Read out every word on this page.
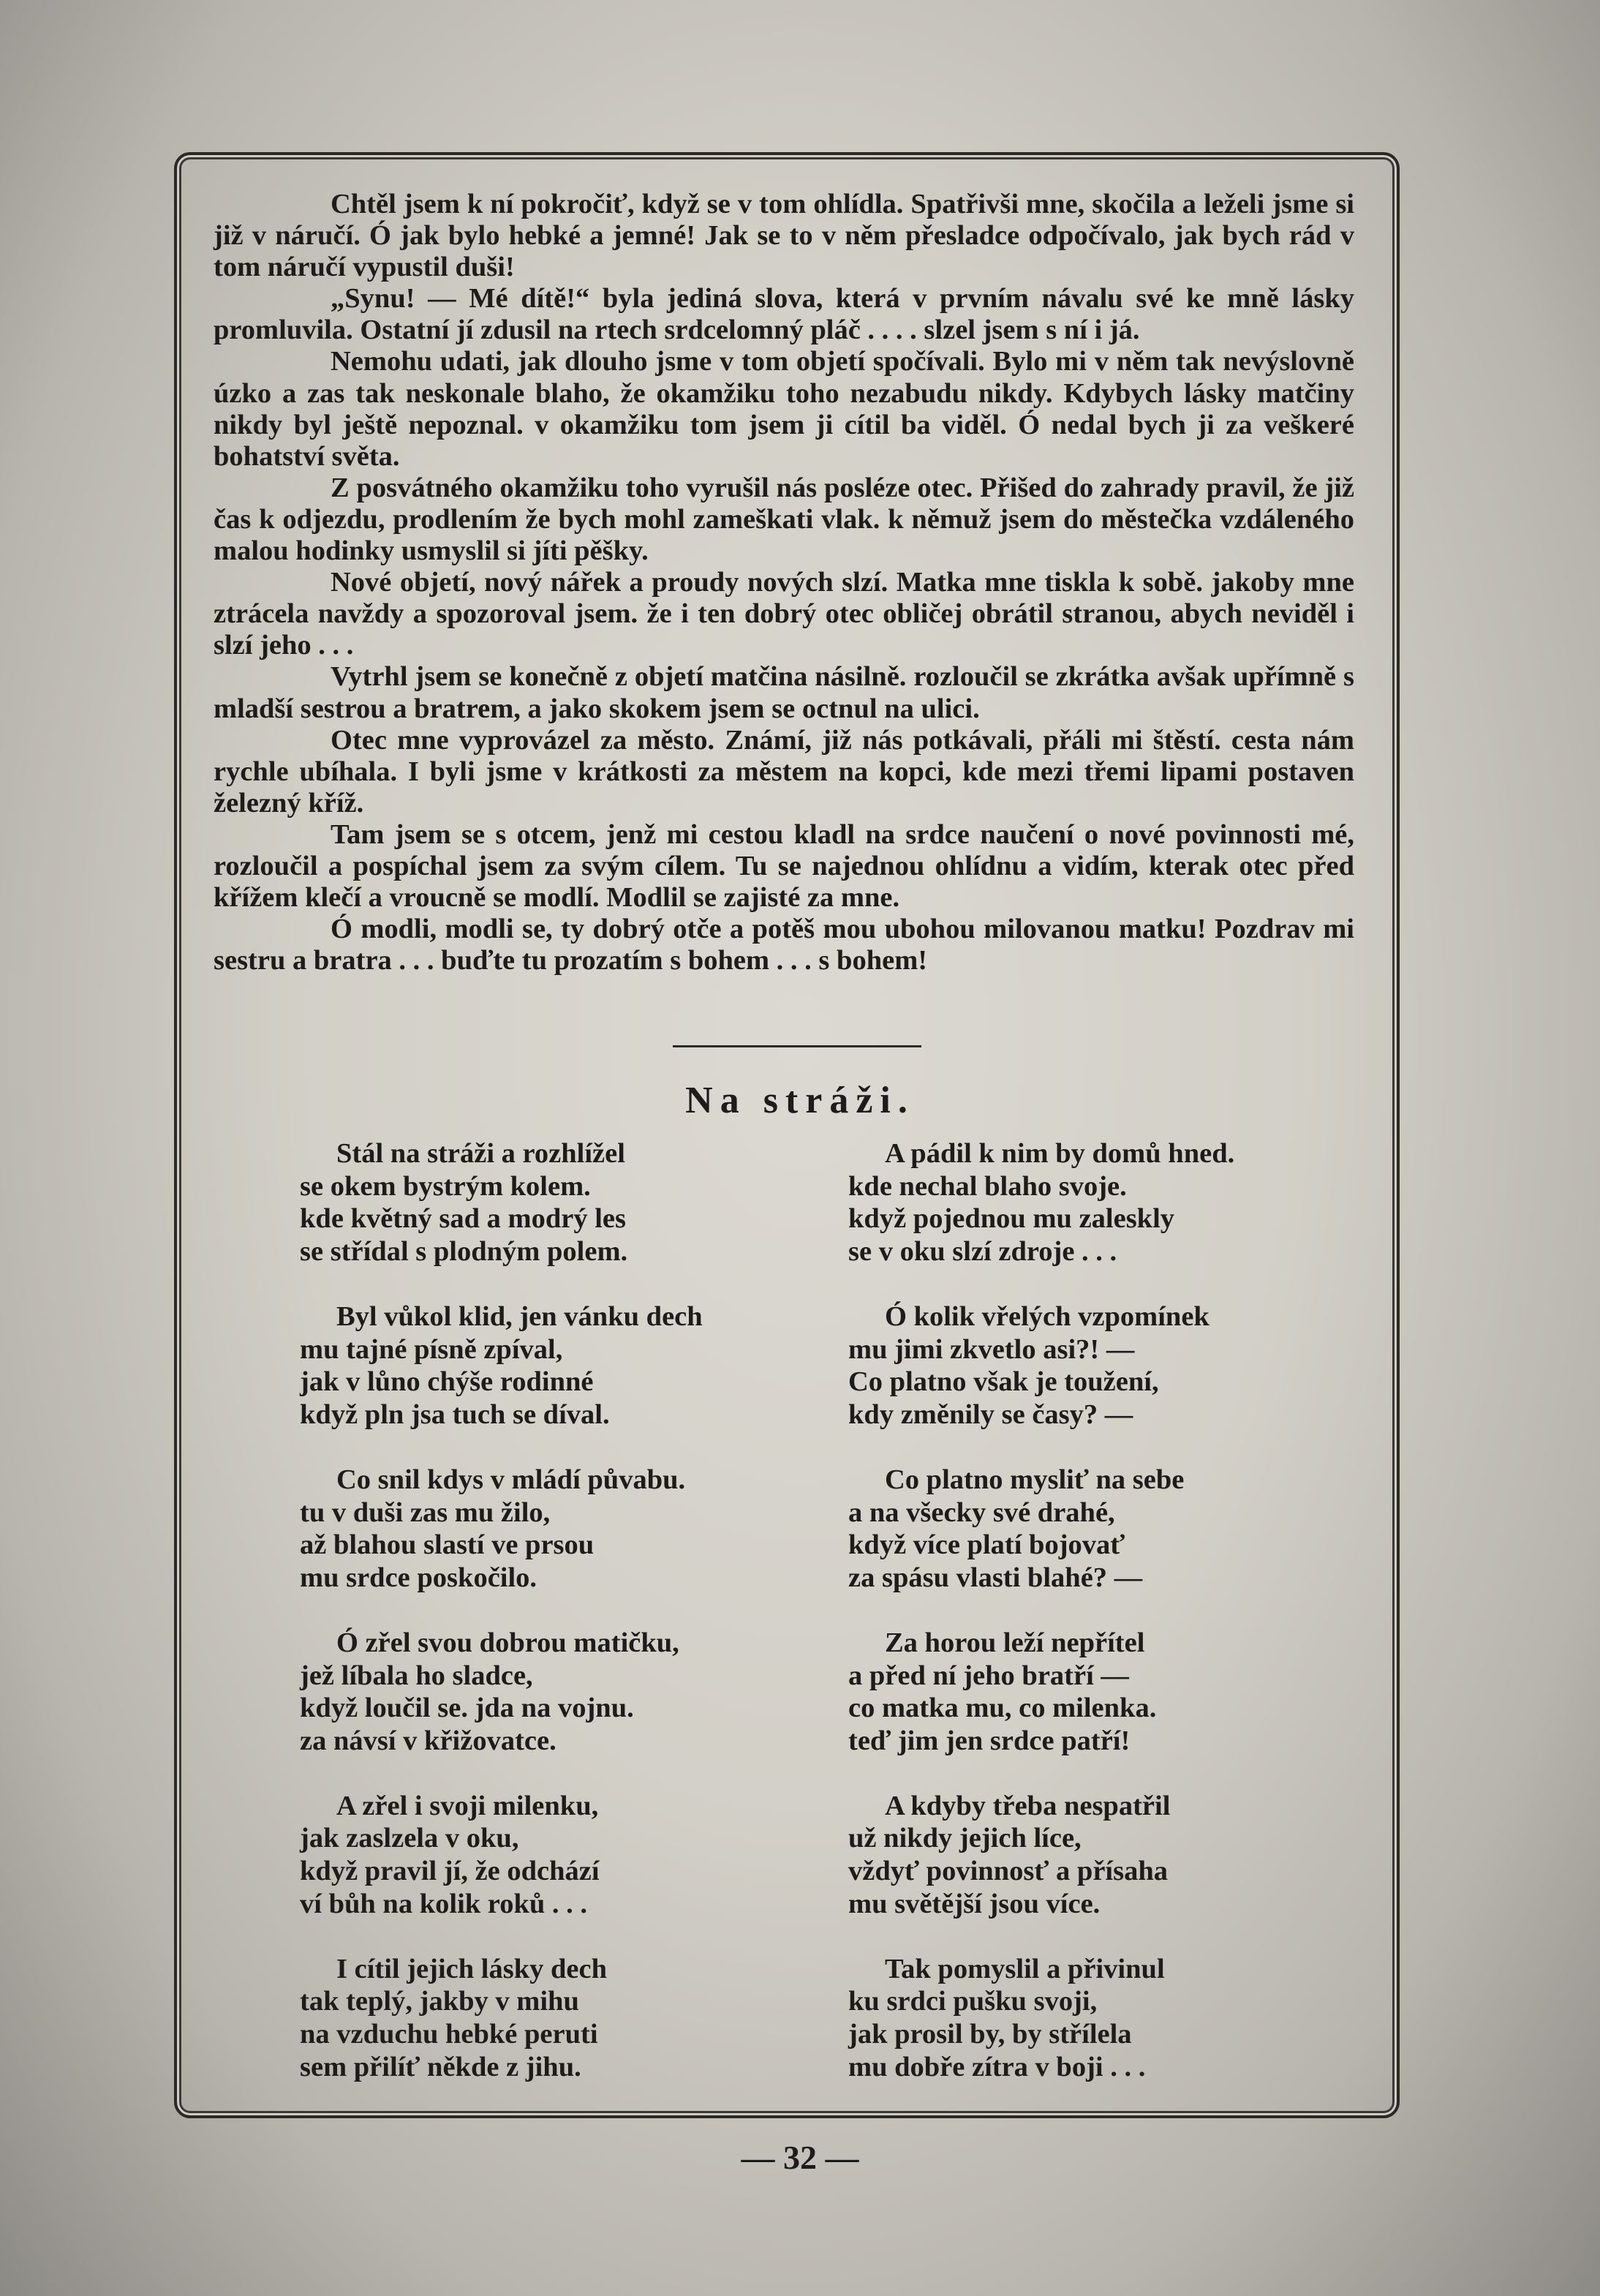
Chtěl jsem k ní pokročiť, když se v tom ohlídla. Spatřivši mne, skočila a leželi jsme si již v náručí. Ó jak bylo hebké a jemné! Jak se to v něm přesladce odpočívalo, jak bych rád v tom náručí vypustil duši!

„Synu! — Mé dítě!“ byla jediná slova, která v prvním návalu své ke mně lásky promluvila. Ostatní jí zdusil na rtech srdcelomný pláč . . . . slzel jsem s ní i já.

Nemohu udati, jak dlouho jsme v tom objetí spočívali. Bylo mi v něm tak nevýslovně úzko a zas tak neskonale blaho, že okamžiku toho nezabudu nikdy. Kdybych lásky matčiny nikdy byl ještě nepoznal. v okamžiku tom jsem ji cítil ba viděl. Ó nedal bych ji za veškeré bohatství světa.

Z posvátného okamžiku toho vyrušil nás posléze otec. Přišed do zahrady pravil, že již čas k odjezdu, prodlením že bych mohl zameškati vlak. k němuž jsem do městečka vzdáleného malou hodinky usmyslil si jíti pěšky.

Nové objetí, nový nářek a proudy nových slzí. Matka mne tiskla k sobě. jakoby mne ztrácela navždy a spozoroval jsem. že i ten dobrý otec obličej obrátil stranou, abych neviděl i slzí jeho . . .

Vytrhl jsem se konečně z objetí matčina násilně. rozloučil se zkrátka avšak upřímně s mladší sestrou a bratrem, a jako skokem jsem se octnul na ulici.

Otec mne vyprovázel za město. Známí, již nás potkávali, přáli mi štěstí. cesta nám rychle ubíhala. I byli jsme v krátkosti za městem na kopci, kde mezi třemi lipami postaven železný kříž.

Tam jsem se s otcem, jenž mi cestou kladl na srdce naučení o nové povinnosti mé, rozloučil a pospíchal jsem za svým cílem. Tu se najednou ohlídnu a vidím, kterak otec před křížem klečí a vroucně se modlí. Modlil se zajisté za mne.

Ó modli, modli se, ty dobrý otče a potěš mou ubohou milovanou matku! Pozdrav mi sestru a bratra . . . buďte tu prozatím s bohem . . . s bohem!

Na stráži.
Stál na stráži a rozhlížel
se okem bystrým kolem.
kde květný sad a modrý les
se střídal s plodným polem.
Byl vůkol klid, jen vánku dech
mu tajné písně zpíval,
jak v lůno chýše rodinné
když pln jsa tuch se díval.
Co snil kdys v mládí půvabu.
tu v duši zas mu žilo,
až blahou slastí ve prsou
mu srdce poskočilo.
Ó zřel svou dobrou matičku,
jež líbala ho sladce,
když loučil se. jda na vojnu.
za návsí v křižovatce.
A zřel i svoji milenku,
jak zaslzela v oku,
když pravil jí, že odchází
ví bůh na kolik roků . . .
I cítil jejich lásky dech
tak teplý, jakby v mihu
na vzduchu hebké peruti
sem přilíť někde z jihu.
A pádil k nim by domů hned.
kde nechal blaho svoje.
když pojednou mu zaleskly
se v oku slzí zdroje . . .
Ó kolik vřelých vzpomínek
mu jimi zkvetlo asi?! —
Co platno však je toužení,
kdy změnily se časy? —
Co platno mysliť na sebe
a na všecky své drahé,
když více platí bojovať
za spásu vlasti blahé? —
Za horou leží nepřítel
a před ní jeho bratří —
co matka mu, co milenka.
teď jim jen srdce patří!
A kdyby třeba nespatřil
už nikdy jejich líce,
vždyť povinnosť a přísaha
mu světější jsou více.
Tak pomyslil a přivinul
ku srdci pušku svoji,
jak prosil by, by střílela
mu dobře zítra v boji . . .
— 32 —
